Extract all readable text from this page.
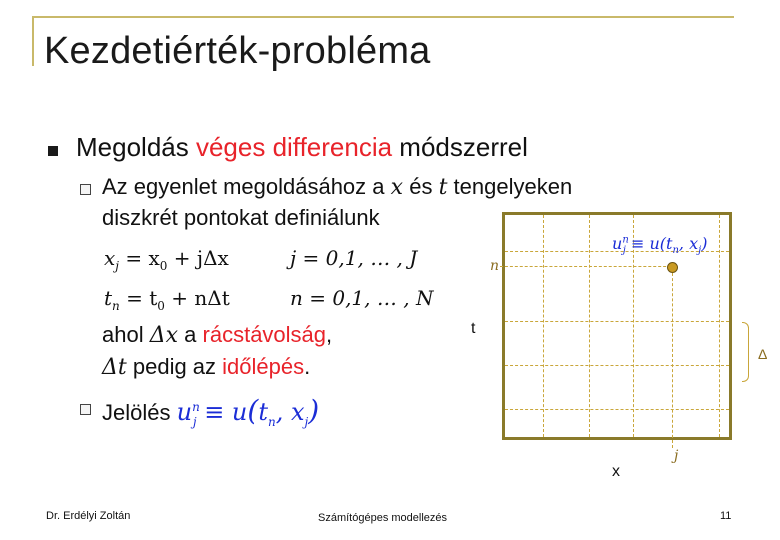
Kezdetiérték-probléma
Megoldás véges differencia módszerrel
Az egyenlet megoldásához a x és t tengelyeken
diszkrét pontokat definiálunk
$x_j = x_0 + j\Delta x$	j = 0,1, … , J
$t_n = t_0 + n\Delta t$	n = 0,1, … , N
ahol Δx a rácstávolság,
Δt pedig az időlépés.
Jelölés $u^n_j \equiv u(t_n$, $x_j$)
$u^n_j \equiv u(t_n$, $x_j$)
n
j
t
x
Δ
Dr. Erdélyi Zoltán	Számítógépes modellezés	11
